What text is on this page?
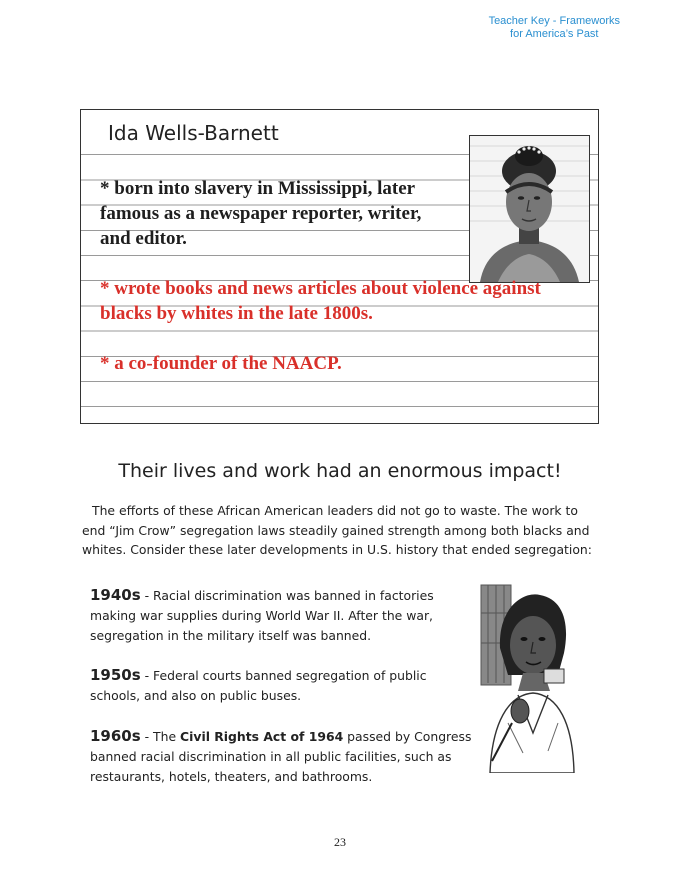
Teacher Key - Frameworks
for America’s Past
Ida Wells-Barnett
* born into slavery in Mississippi, later famous as a newspaper reporter, writer, and editor.
* wrote books and news articles about violence against blacks by whites in the late 1800s.
* a co-founder of the NAACP.
Their lives and work had an enormous impact!
The efforts of these African American leaders did not go to waste. The work to end “Jim Crow” segregation laws steadily gained strength among both blacks and whites. Consider these later developments in U.S. history that ended segregation:
1940s - Racial discrimination was banned in factories making war supplies during World War II. After the war, segregation in the military itself was banned.
1950s - Federal courts banned segregation of public schools, and also on public buses.
1960s - The Civil Rights Act of 1964 passed by Congress banned racial discrimination in all public facilities, such as restaurants, hotels, theaters, and bathrooms.
23
